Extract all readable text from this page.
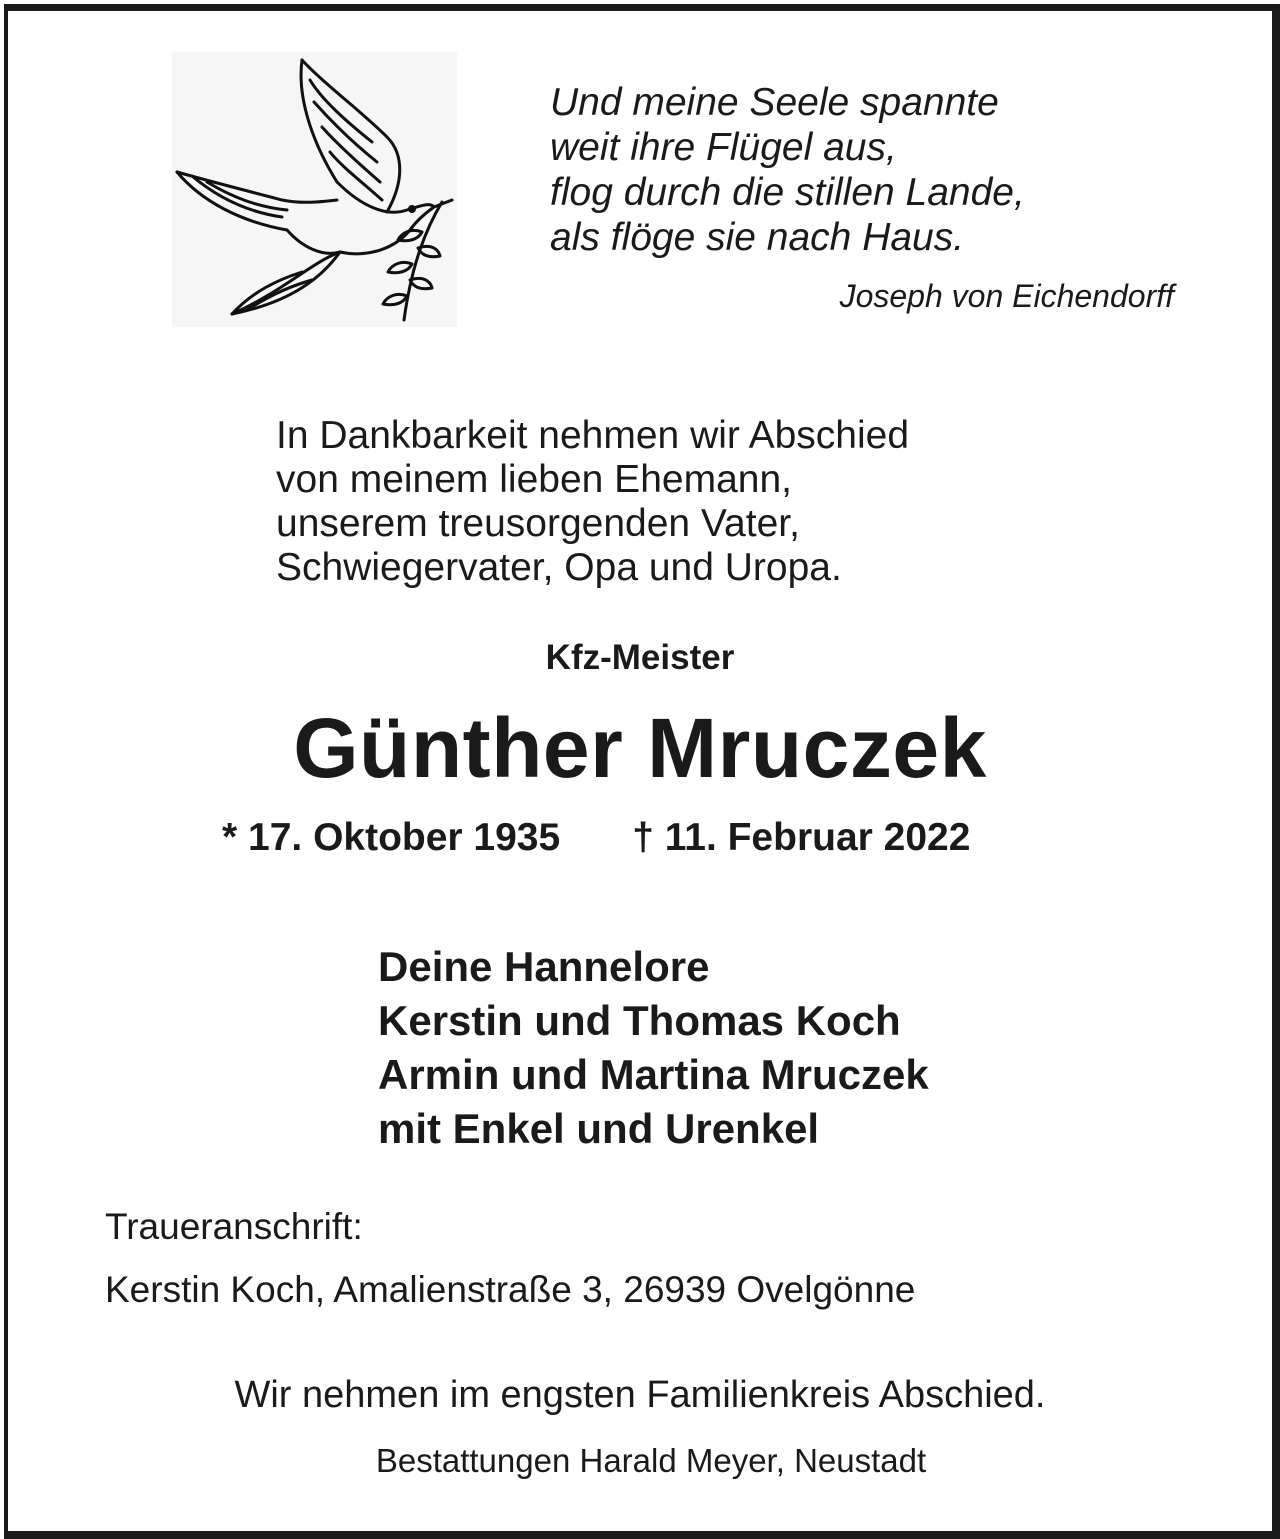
Und meine Seele spannte
weit ihre Flügel aus,
flog durch die stillen Lande,
als flöge sie nach Haus.
Joseph von Eichendorff
In Dankbarkeit nehmen wir Abschied
von meinem lieben Ehemann,
unserem treusorgenden Vater,
Schwiegervater, Opa und Uropa.
Kfz-Meister
Günther Mruczek
* 17. Oktober 1935 † 11. Februar 2022
Deine Hannelore
Kerstin und Thomas Koch
Armin und Martina Mruczek
mit Enkel und Urenkel
Traueranschrift:
Kerstin Koch, Amalienstraße 3, 26939 Ovelgönne
Wir nehmen im engsten Familienkreis Abschied.
Bestattungen Harald Meyer, Neustadt
